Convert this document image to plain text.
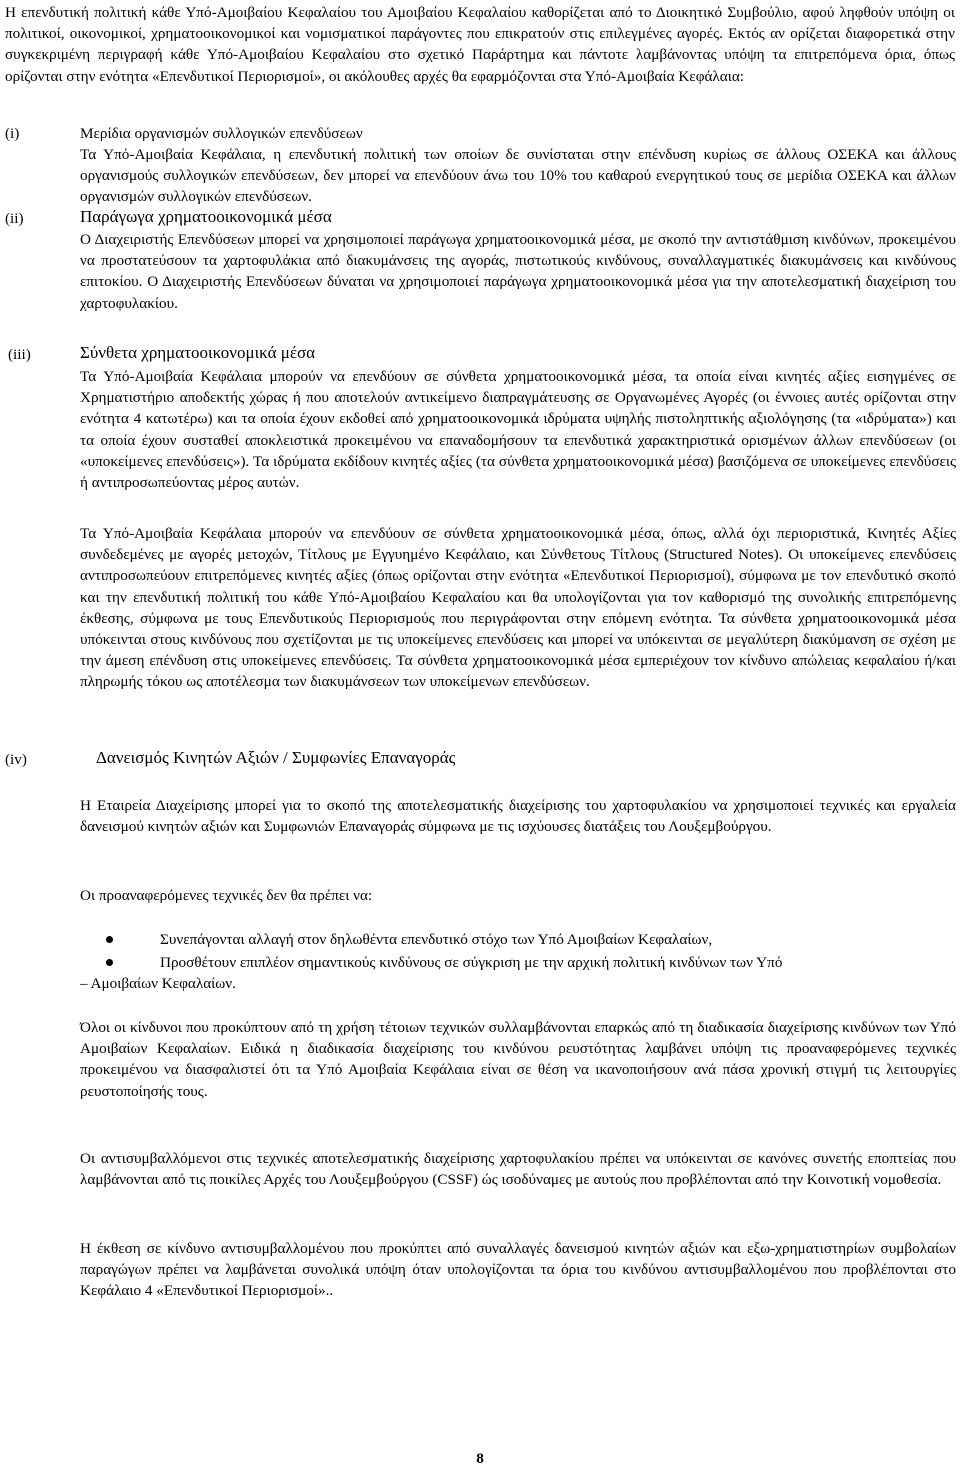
Η επενδυτική πολιτική κάθε Υπό-Αμοιβαίου Κεφαλαίου του Αμοιβαίου Κεφαλαίου καθορίζεται από το Διοικητικό Συμβούλιο, αφού ληφθούν υπόψη οι πολιτικοί, οικονομικοί, χρηματοοικονομικοί και νομισματικοί παράγοντες που επικρατούν στις επιλεγμένες αγορές. Εκτός αν ορίζεται διαφορετικά στην συγκεκριμένη περιγραφή κάθε Υπό-Αμοιβαίου Κεφαλαίου στο σχετικό Παράρτημα και πάντοτε λαμβάνοντας υπόψη τα επιτρεπόμενα όρια, όπως ορίζονται στην ενότητα «Επενδυτικοί Περιορισμοί», οι ακόλουθες αρχές θα εφαρμόζονται στα Υπό-Αμοιβαία Κεφάλαια:

(i)	Μερίδια οργανισμών συλλογικών επενδύσεων

Τα Υπό-Αμοιβαία Κεφάλαια, η επενδυτική πολιτική των οποίων δε συνίσταται στην επένδυση κυρίως σε άλλους ΟΣΕΚΑ και άλλους οργανισμούς συλλογικών επενδύσεων, δεν μπορεί να επενδύουν άνω του 10% του καθαρού ενεργητικού τους σε μερίδια ΟΣΕΚΑ και άλλων οργανισμών συλλογικών επενδύσεων.

(ii)	Παράγωγα χρηματοοικονομικά μέσα

Ο Διαχειριστής Επενδύσεων μπορεί να χρησιμοποιεί παράγωγα χρηματοοικονομικά μέσα, με σκοπό την αντιστάθμιση κινδύνων, προκειμένου να προστατεύσουν τα χαρτοφυλάκια από διακυμάνσεις της αγοράς, πιστωτικούς κινδύνους, συναλλαγματικές διακυμάνσεις και κινδύνους επιτοκίου. Ο Διαχειριστής Επενδύσεων δύναται να χρησιμοποιεί παράγωγα χρηματοοικονομικά μέσα για την αποτελεσματική διαχείριση του χαρτοφυλακίου.

(iii)	Σύνθετα χρηματοοικονομικά μέσα

Τα Υπό-Αμοιβαία Κεφάλαια μπορούν να επενδύουν σε σύνθετα χρηματοοικονομικά μέσα, τα οποία είναι κινητές αξίες εισηγμένες σε Χρηματιστήριο αποδεκτής χώρας ή που αποτελούν αντικείμενο διαπραγμάτευσης σε Οργανωμένες Αγορές (οι έννοιες αυτές ορίζονται στην ενότητα 4 κατωτέρω) και τα οποία έχουν εκδοθεί από χρηματοοικονομικά ιδρύματα υψηλής πιστοληπτικής αξιολόγησης (τα «ιδρύματα») και τα οποία έχουν συσταθεί αποκλειστικά προκειμένου να επαναδομήσουν τα επενδυτικά χαρακτηριστικά ορισμένων άλλων επενδύσεων (οι «υποκείμενες επενδύσεις»). Τα ιδρύματα εκδίδουν κινητές αξίες (τα σύνθετα χρηματοοικονομικά μέσα) βασιζόμενα σε υποκείμενες επενδύσεις ή αντιπροσωπεύοντας μέρος αυτών.

Τα Υπό-Αμοιβαία Κεφάλαια μπορούν να επενδύουν σε σύνθετα χρηματοοικονομικά μέσα, όπως, αλλά όχι περιοριστικά, Κινητές Αξίες συνδεδεμένες με αγορές μετοχών, Τίτλους με Εγγυημένο Κεφάλαιο, και Σύνθετους Τίτλους (Structured Notes). Οι υποκείμενες επενδύσεις αντιπροσωπεύουν επιτρεπόμενες κινητές αξίες (όπως ορίζονται στην ενότητα «Επενδυτικοί Περιορισμοί), σύμφωνα με τον επενδυτικό σκοπό και την επενδυτική πολιτική του κάθε Υπό-Αμοιβαίου Κεφαλαίου και θα υπολογίζονται για τον καθορισμό της συνολικής επιτρεπόμενης έκθεσης, σύμφωνα με τους Επενδυτικούς Περιορισμούς που περιγράφονται στην επόμενη ενότητα. Τα σύνθετα χρηματοοικονομικά μέσα υπόκεινται στους κινδύνους που σχετίζονται με τις υποκείμενες επενδύσεις και μπορεί να υπόκεινται σε μεγαλύτερη διακύμανση σε σχέση με την άμεση επένδυση στις υποκείμενες επενδύσεις. Τα σύνθετα χρηματοοικονομικά μέσα εμπεριέχουν τον κίνδυνο απώλειας κεφαλαίου ή/και πληρωμής τόκου ως αποτέλεσμα των διακυμάνσεων των υποκείμενων επενδύσεων.

(iv)	Δανεισμός Κινητών Αξιών / Συμφωνίες Επαναγοράς

Η Εταιρεία Διαχείρισης μπορεί για το σκοπό της αποτελεσματικής διαχείρισης του χαρτοφυλακίου να χρησιμοποιεί τεχνικές και εργαλεία δανεισμού κινητών αξιών και Συμφωνιών Επαναγοράς σύμφωνα με τις ισχύουσες διατάξεις του Λουξεμβούργου.

Οι προαναφερόμενες τεχνικές δεν θα πρέπει να:

Συνεπάγονται αλλαγή στον δηλωθέντα επενδυτικό στόχο των Υπό Αμοιβαίων Κεφαλαίων,
Προσθέτουν επιπλέον σημαντικούς κινδύνους σε σύγκριση με την αρχική πολιτική κινδύνων των Υπό
– Αμοιβαίων Κεφαλαίων.

Όλοι οι κίνδυνοι που προκύπτουν από τη χρήση τέτοιων τεχνικών συλλαμβάνονται επαρκώς από τη διαδικασία διαχείρισης κινδύνων των Υπό Αμοιβαίων Κεφαλαίων. Ειδικά η διαδικασία διαχείρισης του κινδύνου ρευστότητας λαμβάνει υπόψη τις προαναφερόμενες τεχνικές προκειμένου να διασφαλιστεί ότι τα Υπό Αμοιβαία Κεφάλαια είναι σε θέση να ικανοποιήσουν ανά πάσα χρονική στιγμή τις λειτουργίες ρευστοποίησής τους.

Οι αντισυμβαλλόμενοι στις τεχνικές αποτελεσματικής διαχείρισης χαρτοφυλακίου πρέπει να υπόκεινται σε κανόνες συνετής εποπτείας που λαμβάνονται από τις ποικίλες Αρχές του Λουξεμβούργου (CSSF) ώς ισοδύναμες με αυτούς που προβλέπονται από την Κοινοτική νομοθεσία.

Η έκθεση σε κίνδυνο αντισυμβαλλομένου που προκύπτει από συναλλαγές δανεισμού κινητών αξιών και εξω-χρηματιστηρίων συμβολαίων παραγώγων πρέπει να λαμβάνεται συνολικά υπόψη όταν υπολογίζονται τα όρια του κινδύνου αντισυμβαλλομένου που προβλέπονται στο Κεφάλαιο 4 «Επενδυτικοί Περιορισμοί»..

8
